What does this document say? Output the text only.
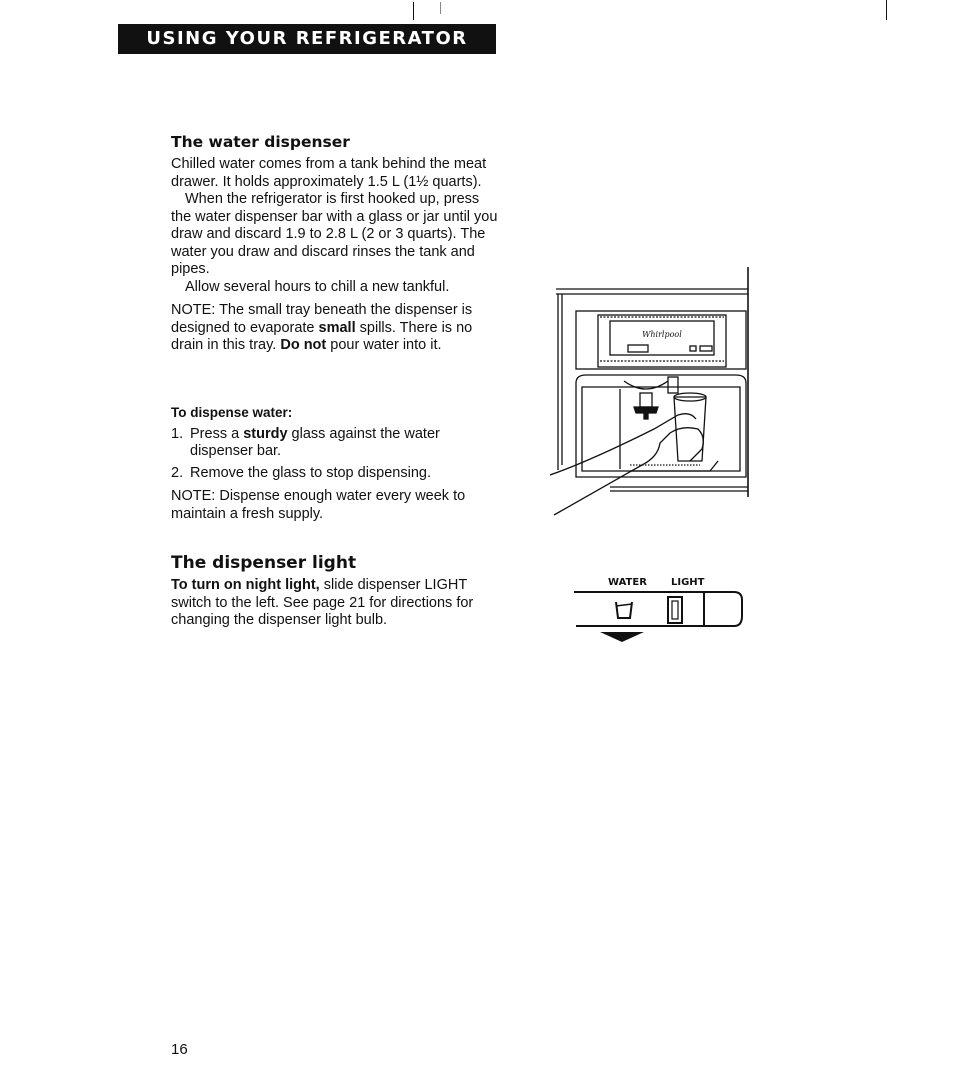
USING YOUR REFRIGERATOR
The water dispenser

Chilled water comes from a tank behind the meat drawer. It holds approximately 1.5 L (1½ quarts).

When the refrigerator is first hooked up, press the water dispenser bar with a glass or jar until you draw and discard 1.9 to 2.8 L (2 or 3 quarts). The water you draw and discard rinses the tank and pipes.

Allow several hours to chill a new tankful.

NOTE: The small tray beneath the dispenser is designed to evaporate small spills. There is no drain in this tray. Do not pour water into it.

To dispense water:

1. Press a sturdy glass against the water dispenser bar.
2. Remove the glass to stop dispensing.

NOTE: Dispense enough water every week to maintain a fresh supply.

The dispenser light

To turn on night light, slide dispenser LIGHT switch to the left. See page 21 for directions for changing the dispenser light bulb.

Whirlpool
WATER LIGHT
16
